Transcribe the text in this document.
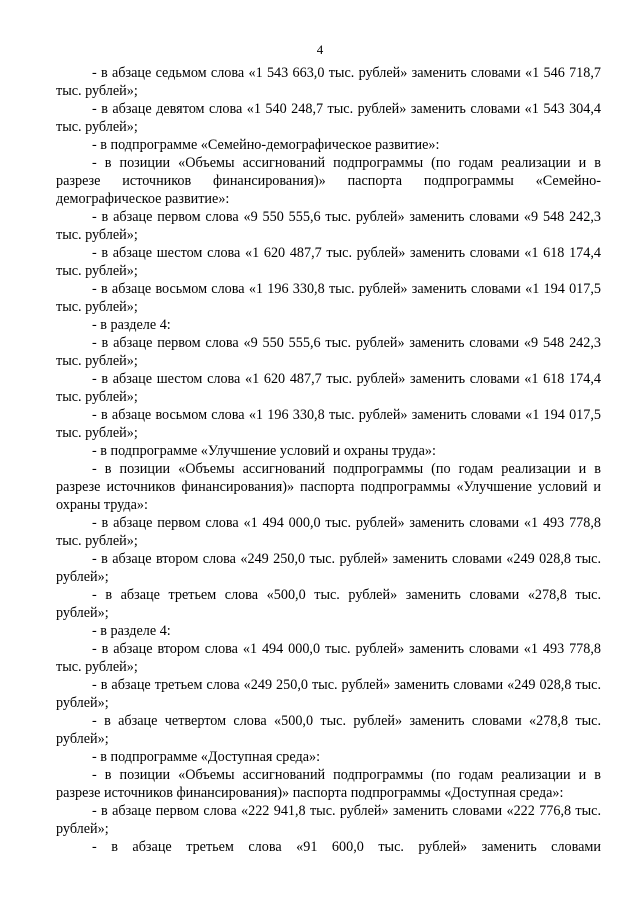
4

- в абзаце седьмом слова «1 543 663,0 тыс. рублей» заменить словами «1 546 718,7 тыс. рублей»;

- в абзаце девятом слова «1 540 248,7 тыс. рублей» заменить словами «1 543 304,4 тыс. рублей»;

- в подпрограмме «Семейно-демографическое развитие»:

- в позиции «Объемы ассигнований подпрограммы (по годам реализации и в разрезе источников финансирования)» паспорта подпрограммы «Семейно-демографическое развитие»:

- в абзаце первом слова «9 550 555,6 тыс. рублей» заменить словами «9 548 242,3 тыс. рублей»;

- в абзаце шестом слова «1 620 487,7 тыс. рублей» заменить словами «1 618 174,4 тыс. рублей»;

- в абзаце восьмом слова «1 196 330,8 тыс. рублей» заменить словами «1 194 017,5 тыс. рублей»;

- в разделе 4:

- в абзаце первом слова «9 550 555,6 тыс. рублей» заменить словами «9 548 242,3 тыс. рублей»;

- в абзаце шестом слова «1 620 487,7 тыс. рублей» заменить словами «1 618 174,4 тыс. рублей»;

- в абзаце восьмом слова «1 196 330,8 тыс. рублей» заменить словами «1 194 017,5 тыс. рублей»;

- в подпрограмме «Улучшение условий и охраны труда»:

- в позиции «Объемы ассигнований подпрограммы (по годам реализации и в разрезе источников финансирования)» паспорта подпрограммы «Улучшение условий и охраны труда»:

- в абзаце первом слова «1 494 000,0 тыс. рублей» заменить словами «1 493 778,8 тыс. рублей»;

- в абзаце втором слова «249 250,0 тыс. рублей» заменить словами «249 028,8 тыс. рублей»;

- в абзаце третьем слова «500,0 тыс. рублей» заменить словами «278,8 тыс. рублей»;

- в разделе 4:

- в абзаце втором слова «1 494 000,0 тыс. рублей» заменить словами «1 493 778,8 тыс. рублей»;

- в абзаце третьем слова «249 250,0 тыс. рублей» заменить словами «249 028,8 тыс. рублей»;

- в абзаце четвертом слова «500,0 тыс. рублей» заменить словами «278,8 тыс. рублей»;

- в подпрограмме «Доступная среда»:

- в позиции «Объемы ассигнований подпрограммы (по годам реализации и в разрезе источников финансирования)» паспорта подпрограммы «Доступная среда»:

- в абзаце первом слова «222 941,8 тыс. рублей» заменить словами «222 776,8 тыс. рублей»;

- в абзаце третьем слова «91 600,0 тыс. рублей» заменить словами
